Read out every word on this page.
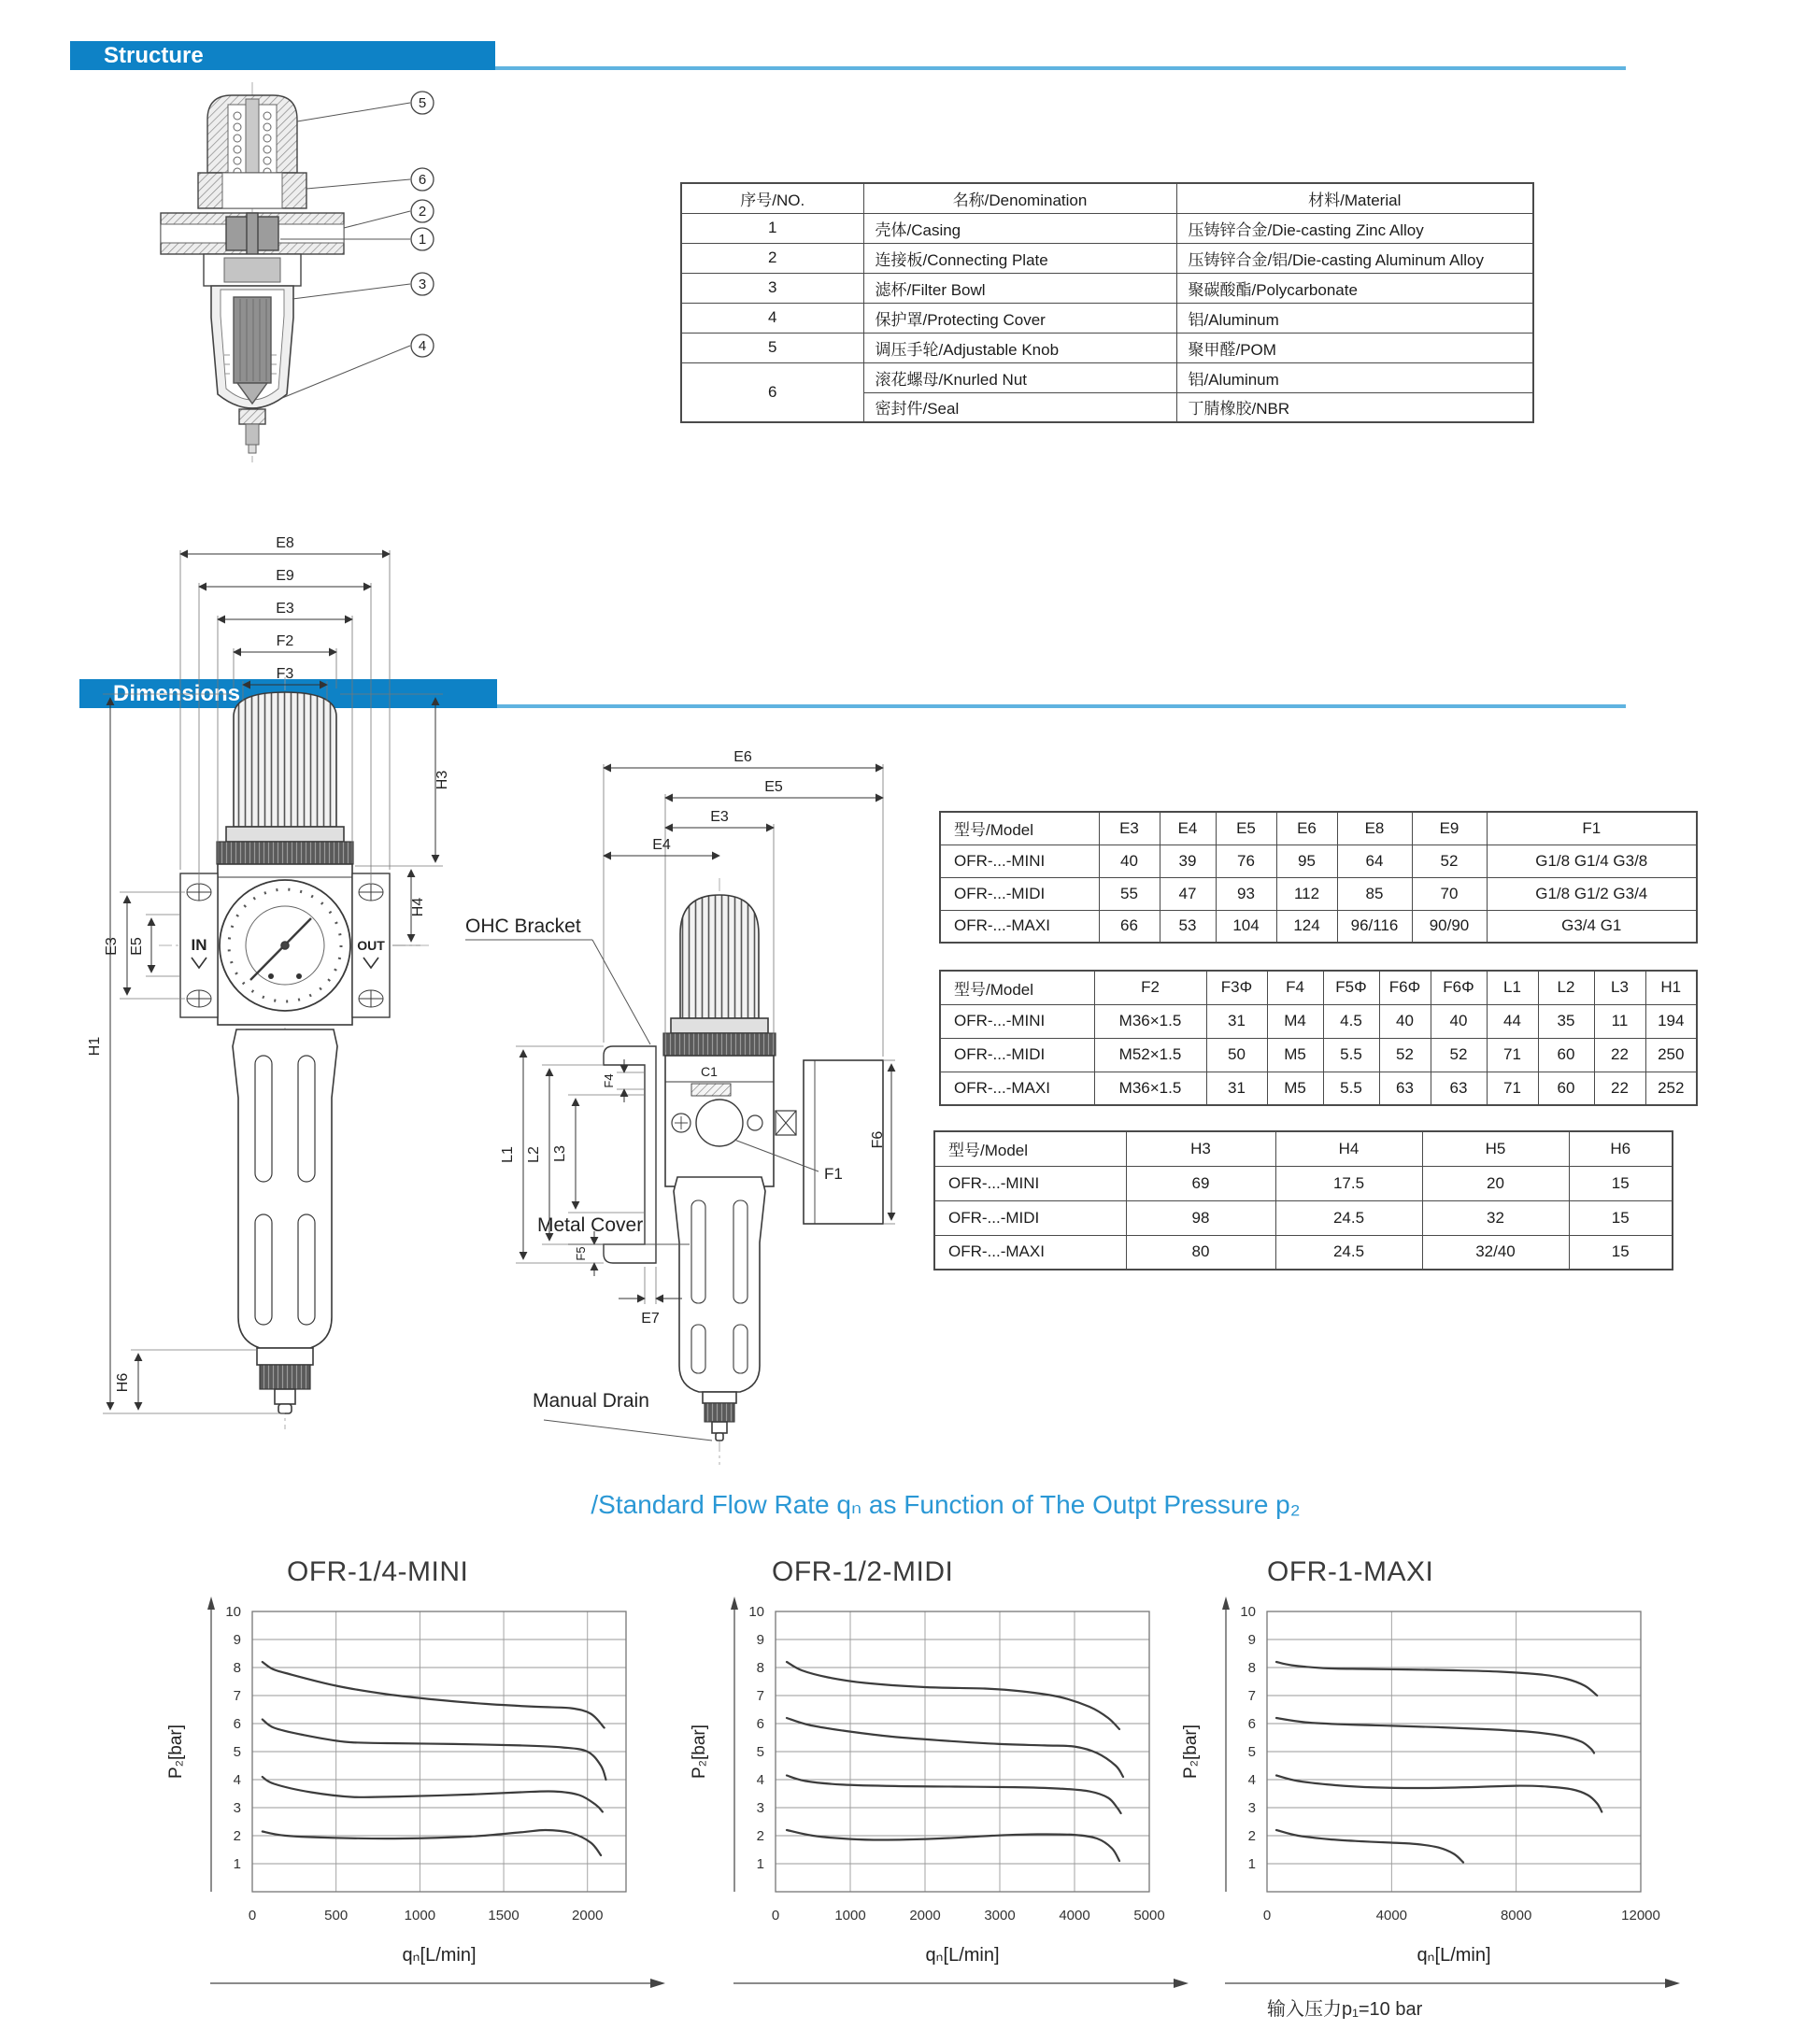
Structure
5
6
2
1
3
4
序号/NO.	名称/Denomination	材料/Material
1	壳体/Casing	压铸锌合金/Die-casting Zinc Alloy
2	连接板/Connecting Plate	压铸锌合金/铝/Die-casting Aluminum Alloy
3	滤杯/Filter Bowl	聚碳酸酯/Polycarbonate
4	保护罩/Protecting Cover	铝/Aluminum
5	调压手轮/Adjustable Knob	聚甲醛/POM
6	滚花螺母/Knurled Nut	铝/Aluminum
	密封件/Seal	丁腈橡胶/NBR
Dimensions
IN	OUT
E8
E9
E3
F2
F3
H1
H6
E3 E5
H3
H4
OHC Bracket
Metal Cover
Manual Drain
F1
C1
E6
E5
E3
E4
L1 L2 L3
F4
F5
E7
F6
型号/Model	E3	E4	E5	E6	E8	E9	F1
OFR-...-MINI	40	39	76	95	64	52	G1/8 G1/4 G3/8
OFR-...-MIDI	55	47	93	112	85	70	G1/8 G1/2 G3/4
OFR-...-MAXI	66	53	104	124	96/116	90/90	G3/4 G1
型号/Model	F2	F3Φ	F4	F5Φ	F6Φ	F6Φ	L1	L2	L3	H1
OFR-...-MINI	M36×1.5	31	M4	4.5	40	40	44	35	11	194
OFR-...-MIDI	M52×1.5	50	M5	5.5	52	52	71	60	22	250
OFR-...-MAXI	M36×1.5	31	M5	5.5	63	63	71	60	22	252
型号/Model	H3	H4	H5	H6
OFR-...-MINI	69	17.5	20	15
OFR-...-MIDI	98	24.5	32	15
OFR-...-MAXI	80	24.5	32/40	15
/Standard Flow Rate qₙ as Function of The Outpt Pressure p₂
OFR-1/4-MINI	OFR-1/2-MIDI	OFR-1-MAXI
1
2
3
4
5
6
7
8
9
10
0	500	1000	1500	2000
P₂[bar]
qₙ[L/min]
1
2
3
4
5
6
7
8
9
10
0	1000	2000	3000	4000	5000
P₂[bar]
qₙ[L/min]
1
2
3
4
5
6
7
8
9
10
0	4000	8000	12000
P₂[bar]
qₙ[L/min]
输入压力p₁=10 bar
